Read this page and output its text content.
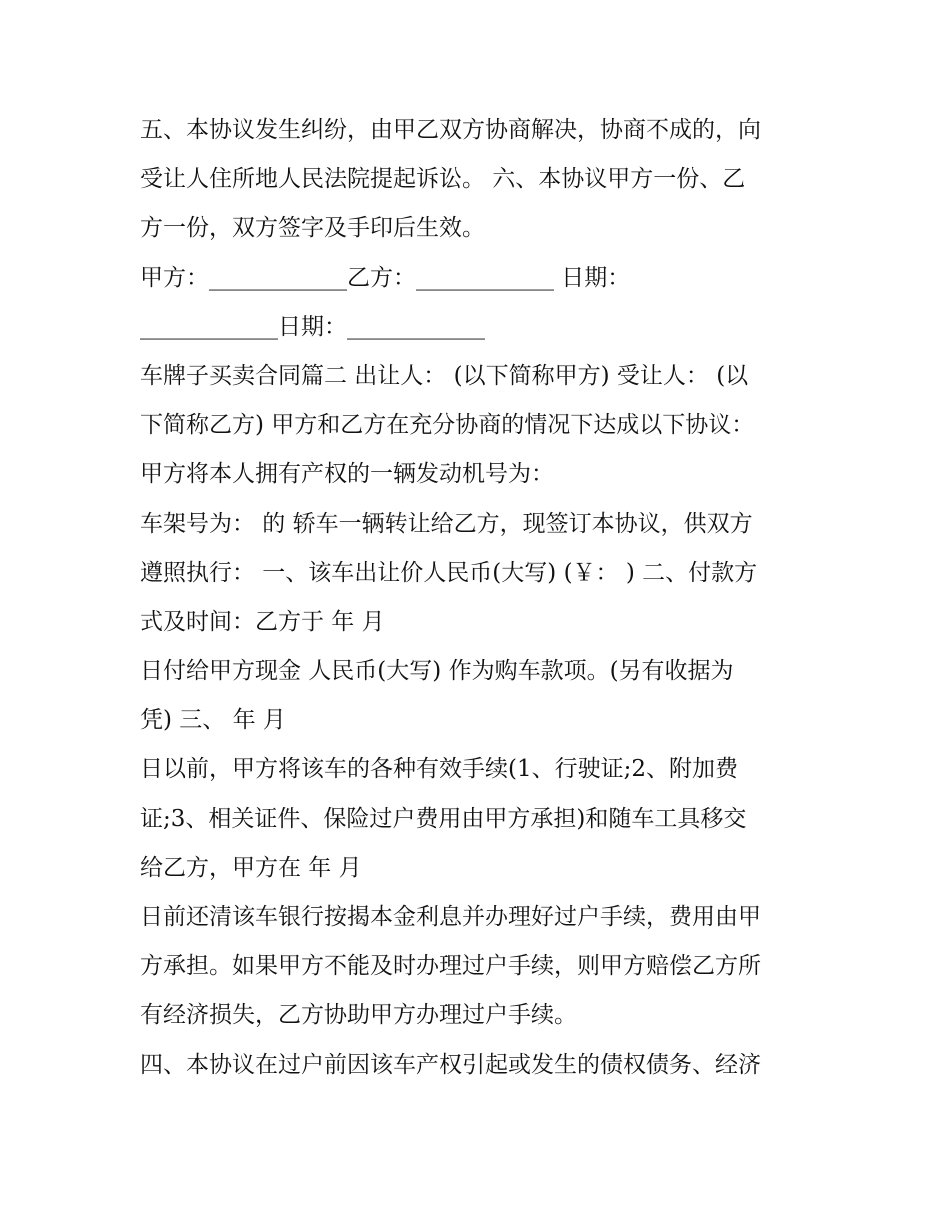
五、本协议发生纠纷，由甲乙双方协商解决，协商不成的，向

受让人住所地人民法院提起诉讼。 六、本协议甲方一份、乙

方一份，双方签字及手印后生效。

甲方：____________乙方：____________ 日期：

____________日期：____________

车牌子买卖合同篇二 出让人： (以下简称甲方) 受让人： (以

下简称乙方) 甲方和乙方在充分协商的情况下达成以下协议：

甲方将本人拥有产权的一辆发动机号为：

车架号为： 的 轿车一辆转让给乙方，现签订本协议，供双方

遵照执行： 一、该车出让价人民币(大写) (￥： ) 二、付款方

式及时间：乙方于 年 月

日付给甲方现金 人民币(大写) 作为购车款项。(另有收据为

凭) 三、 年 月

日以前，甲方将该车的各种有效手续(1、行驶证;2、附加费

证;3、相关证件、保险过户费用由甲方承担)和随车工具移交

给乙方，甲方在 年 月

日前还清该车银行按揭本金利息并办理好过户手续，费用由甲

方承担。如果甲方不能及时办理过户手续，则甲方赔偿乙方所

有经济损失，乙方协助甲方办理过户手续。

四、本协议在过户前因该车产权引起或发生的债权债务、经济
